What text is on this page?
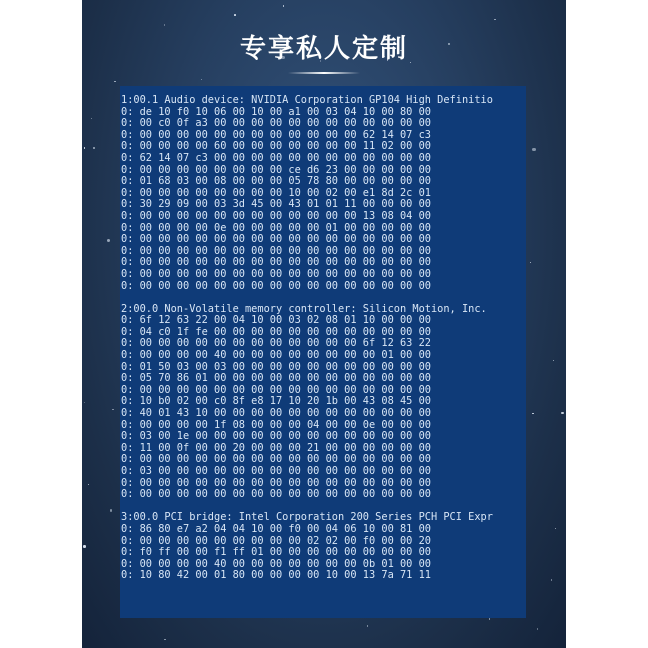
专享私人定制
1:00.1 Audio device: NVIDIA Corporation GP104 High Definitio
0: de 10 f0 10 06 00 10 00 a1 00 03 04 10 00 80 00
0: 00 c0 0f a3 00 00 00 00 00 00 00 00 00 00 00 00
0: 00 00 00 00 00 00 00 00 00 00 00 00 62 14 07 c3
0: 00 00 00 00 60 00 00 00 00 00 00 00 11 02 00 00
0: 62 14 07 c3 00 00 00 00 00 00 00 00 00 00 00 00
0: 00 00 00 00 00 00 00 00 ce d6 23 00 00 00 00 00
0: 01 68 03 00 08 00 00 00 05 78 80 00 00 00 00 00
0: 00 00 00 00 00 00 00 00 10 00 02 00 e1 8d 2c 01
0: 30 29 09 00 03 3d 45 00 43 01 01 11 00 00 00 00
0: 00 00 00 00 00 00 00 00 00 00 00 00 13 08 04 00
0: 00 00 00 00 0e 00 00 00 00 00 01 00 00 00 00 00
0: 00 00 00 00 00 00 00 00 00 00 00 00 00 00 00 00
0: 00 00 00 00 00 00 00 00 00 00 00 00 00 00 00 00
0: 00 00 00 00 00 00 00 00 00 00 00 00 00 00 00 00
0: 00 00 00 00 00 00 00 00 00 00 00 00 00 00 00 00
0: 00 00 00 00 00 00 00 00 00 00 00 00 00 00 00 00
2:00.0 Non-Volatile memory controller: Silicon Motion, Inc.
0: 6f 12 63 22 00 04 10 00 03 02 08 01 10 00 00 00
0: 04 c0 1f fe 00 00 00 00 00 00 00 00 00 00 00 00
0: 00 00 00 00 00 00 00 00 00 00 00 00 6f 12 63 22
0: 00 00 00 00 40 00 00 00 00 00 00 00 00 01 00 00
0: 01 50 03 00 03 00 00 00 00 00 00 00 00 00 00 00
0: 05 70 86 01 00 00 00 00 00 00 00 00 00 00 00 00
0: 00 00 00 00 00 00 00 00 00 00 00 00 00 00 00 00
0: 10 b0 02 00 c0 8f e8 17 10 20 1b 00 43 08 45 00
0: 40 01 43 10 00 00 00 00 00 00 00 00 00 00 00 00
0: 00 00 00 00 1f 08 00 00 00 04 00 00 0e 00 00 00
0: 03 00 1e 00 00 00 00 00 00 00 00 00 00 00 00 00
0: 11 00 0f 00 00 20 00 00 00 21 00 00 00 00 00 00
0: 00 00 00 00 00 00 00 00 00 00 00 00 00 00 00 00
0: 03 00 00 00 00 00 00 00 00 00 00 00 00 00 00 00
0: 00 00 00 00 00 00 00 00 00 00 00 00 00 00 00 00
0: 00 00 00 00 00 00 00 00 00 00 00 00 00 00 00 00
3:00.0 PCI bridge: Intel Corporation 200 Series PCH PCI Expr
0: 86 80 e7 a2 04 04 10 00 f0 00 04 06 10 00 81 00
0: 00 00 00 00 00 00 00 00 00 02 02 00 f0 00 00 20
0: f0 ff 00 00 f1 ff 01 00 00 00 00 00 00 00 00 00
0: 00 00 00 00 40 00 00 00 00 00 00 00 0b 01 00 00
0: 10 80 42 00 01 80 00 00 00 00 10 00 13 7a 71 11
